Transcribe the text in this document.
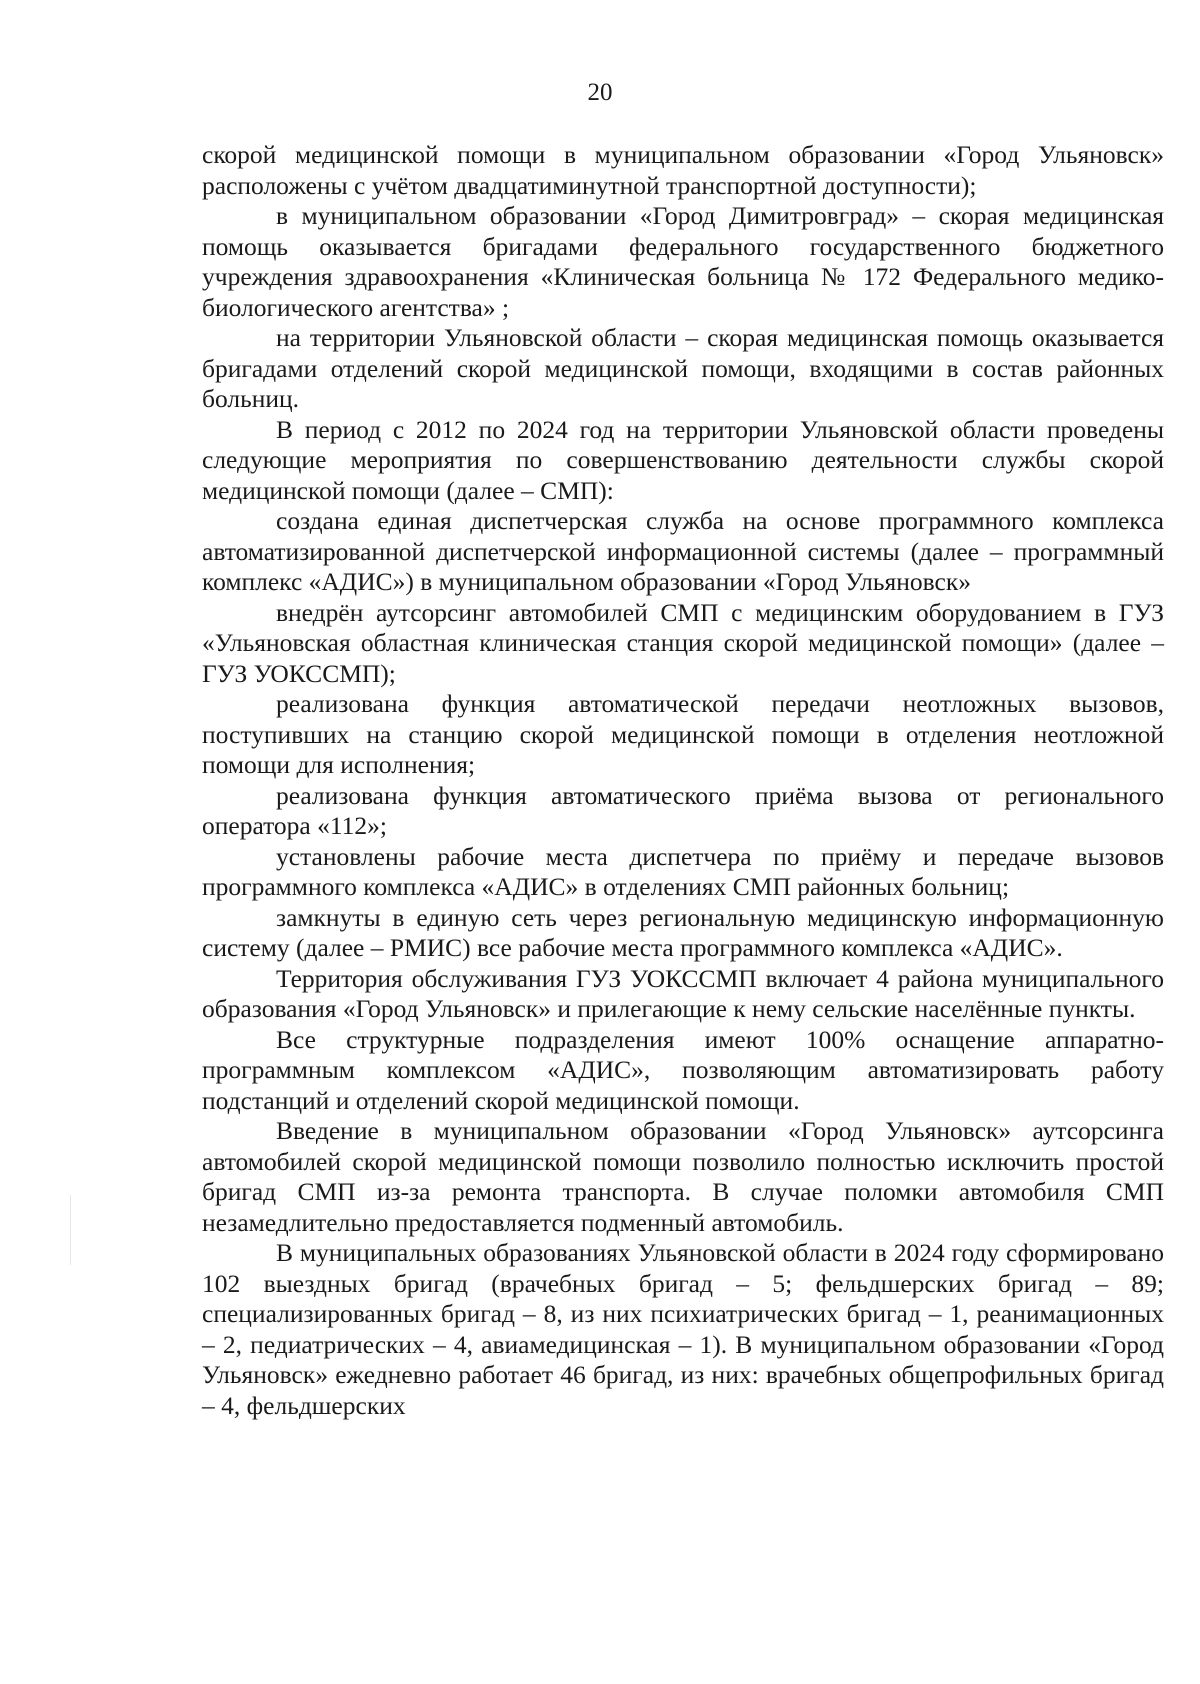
20

скорой медицинской помощи в муниципальном образовании «Город Ульяновск» расположены с учётом двадцатиминутной транспортной доступности);

в муниципальном образовании «Город Димитровград» – скорая медицинская помощь оказывается бригадами федерального государственного бюджетного учреждения здравоохранения «Клиническая больница № 172 Федерального медико-биологического агентства» ;

на территории Ульяновской области – скорая медицинская помощь оказывается бригадами отделений скорой медицинской помощи, входящими в состав районных больниц.

В период с 2012 по 2024 год на территории Ульяновской области проведены следующие мероприятия по совершенствованию деятельности службы скорой медицинской помощи (далее – СМП):

создана единая диспетчерская служба на основе программного комплекса автоматизированной диспетчерской информационной системы (далее – программный комплекс «АДИС») в муниципальном образовании «Город Ульяновск»

внедрён аутсорсинг автомобилей СМП с медицинским оборудованием в ГУЗ «Ульяновская областная клиническая станция скорой медицинской помощи» (далее – ГУЗ УОКССМП);

реализована функция автоматической передачи неотложных вызовов, поступивших на станцию скорой медицинской помощи в отделения неотложной помощи для исполнения;

реализована функция автоматического приёма вызова от регионального оператора «112»;

установлены рабочие места диспетчера по приёму и передаче вызовов программного комплекса «АДИС» в отделениях СМП районных больниц;

замкнуты в единую сеть через региональную медицинскую информационную систему (далее – РМИС) все рабочие места программного комплекса «АДИС».

Территория обслуживания ГУЗ УОКССМП включает 4 района муниципального образования «Город Ульяновск» и прилегающие к нему сельские населённые пункты.

Все структурные подразделения имеют 100% оснащение аппаратно-программным комплексом «АДИС», позволяющим автоматизировать работу подстанций и отделений скорой медицинской помощи.

Введение в муниципальном образовании «Город Ульяновск» аутсорсинга автомобилей скорой медицинской помощи позволило полностью исключить простой бригад СМП из-за ремонта транспорта. В случае поломки автомобиля СМП незамедлительно предоставляется подменный автомобиль.

В муниципальных образованиях Ульяновской области в 2024 году сформировано 102 выездных бригад (врачебных бригад – 5; фельдшерских бригад – 89; специализированных бригад – 8, из них психиатрических бригад – 1, реанимационных – 2, педиатрических – 4, авиамедицинская – 1). В муниципальном образовании «Город Ульяновск» ежедневно работает 46 бригад, из них: врачебных общепрофильных бригад – 4, фельдшерских
